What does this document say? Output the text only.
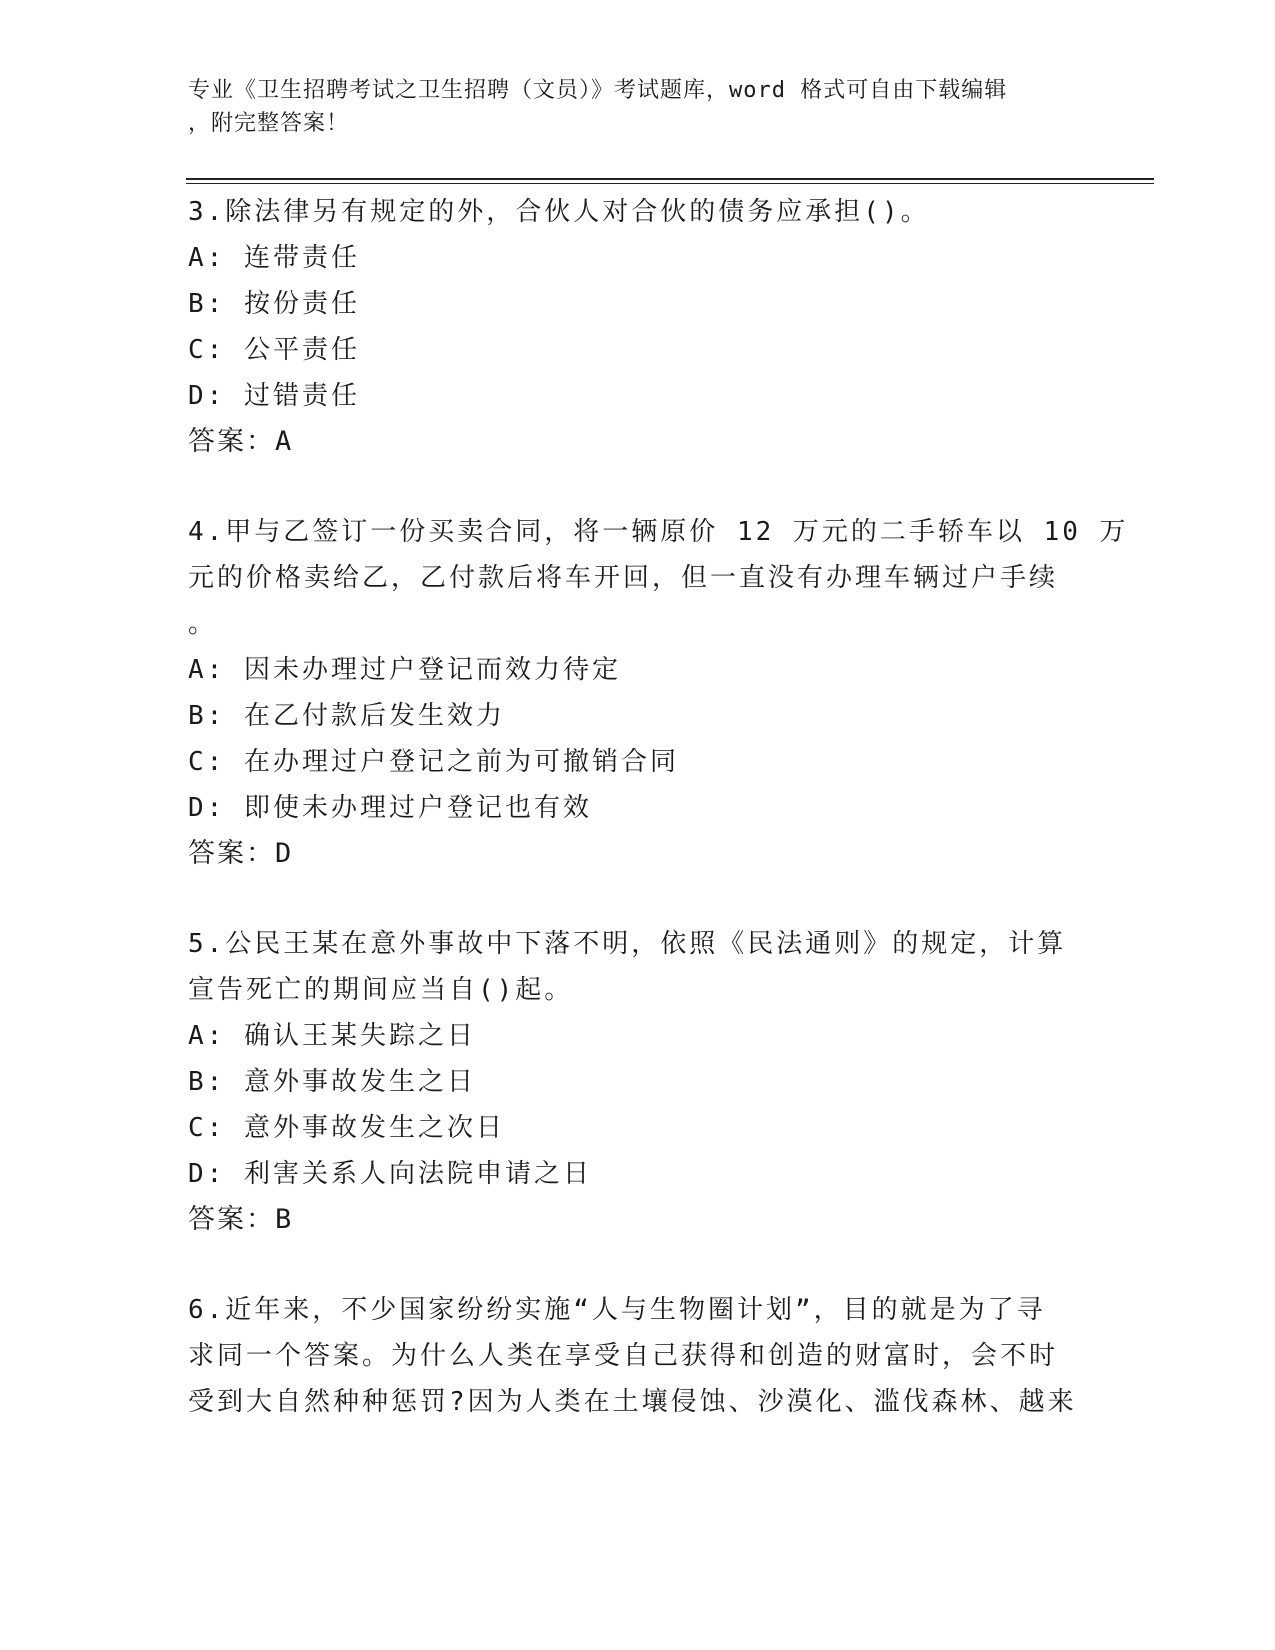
专业《卫生招聘考试之卫生招聘（文员）》考试题库，word 格式可自由下载编辑
，附完整答案！
3.除法律另有规定的外，合伙人对合伙的债务应承担()。
A: 连带责任
B: 按份责任
C: 公平责任
D: 过错责任
答案：A
4.甲与乙签订一份买卖合同，将一辆原价 12 万元的二手轿车以 10 万
元的价格卖给乙，乙付款后将车开回，但一直没有办理车辆过户手续
。
A: 因未办理过户登记而效力待定
B: 在乙付款后发生效力
C: 在办理过户登记之前为可撤销合同
D: 即使未办理过户登记也有效
答案：D
5.公民王某在意外事故中下落不明，依照《民法通则》的规定，计算
宣告死亡的期间应当自()起。
A: 确认王某失踪之日
B: 意外事故发生之日
C: 意外事故发生之次日
D: 利害关系人向法院申请之日
答案：B
6.近年来，不少国家纷纷实施“人与生物圈计划”，目的就是为了寻
求同一个答案。为什么人类在享受自己获得和创造的财富时，会不时
受到大自然种种惩罚?因为人类在土壤侵蚀、沙漠化、滥伐森林、越来
